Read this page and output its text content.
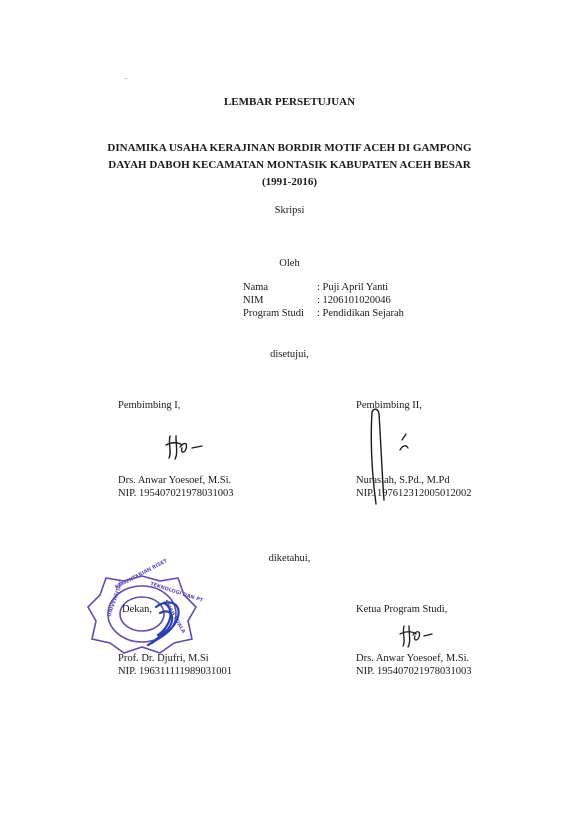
.
LEMBAR PERSETUJUAN
DINAMIKA USAHA KERAJINAN BORDIR MOTIF ACEH DI GAMPONG
DAYAH DABOH KECAMATAN MONTASIK KABUPATEN ACEH BESAR
(1991-2016)
Skripsi
Oleh
Nama	: Puji April Yanti
NIM	: 1206101020046
Program Studi : Pendidikan Sejarah
disetujui,
Pembimbing I,
Drs. Anwar Yoesoef, M.Si.
NIP. 195407021978031003
Pembimbing II,
Nurasiah, S.Pd., M.Pd
NIP. 197612312005012002
diketahui,
KEMENTERIAN RISET
TEKNOLOGI DAN PT
UNIVERSITAS	SYIAH KUALA
Dekan,
Prof. Dr. Djufri, M.Si
NIP. 196311111989031001
Ketua Program Studi,
Drs. Anwar Yoesoef, M.Si.
NIP. 195407021978031003
